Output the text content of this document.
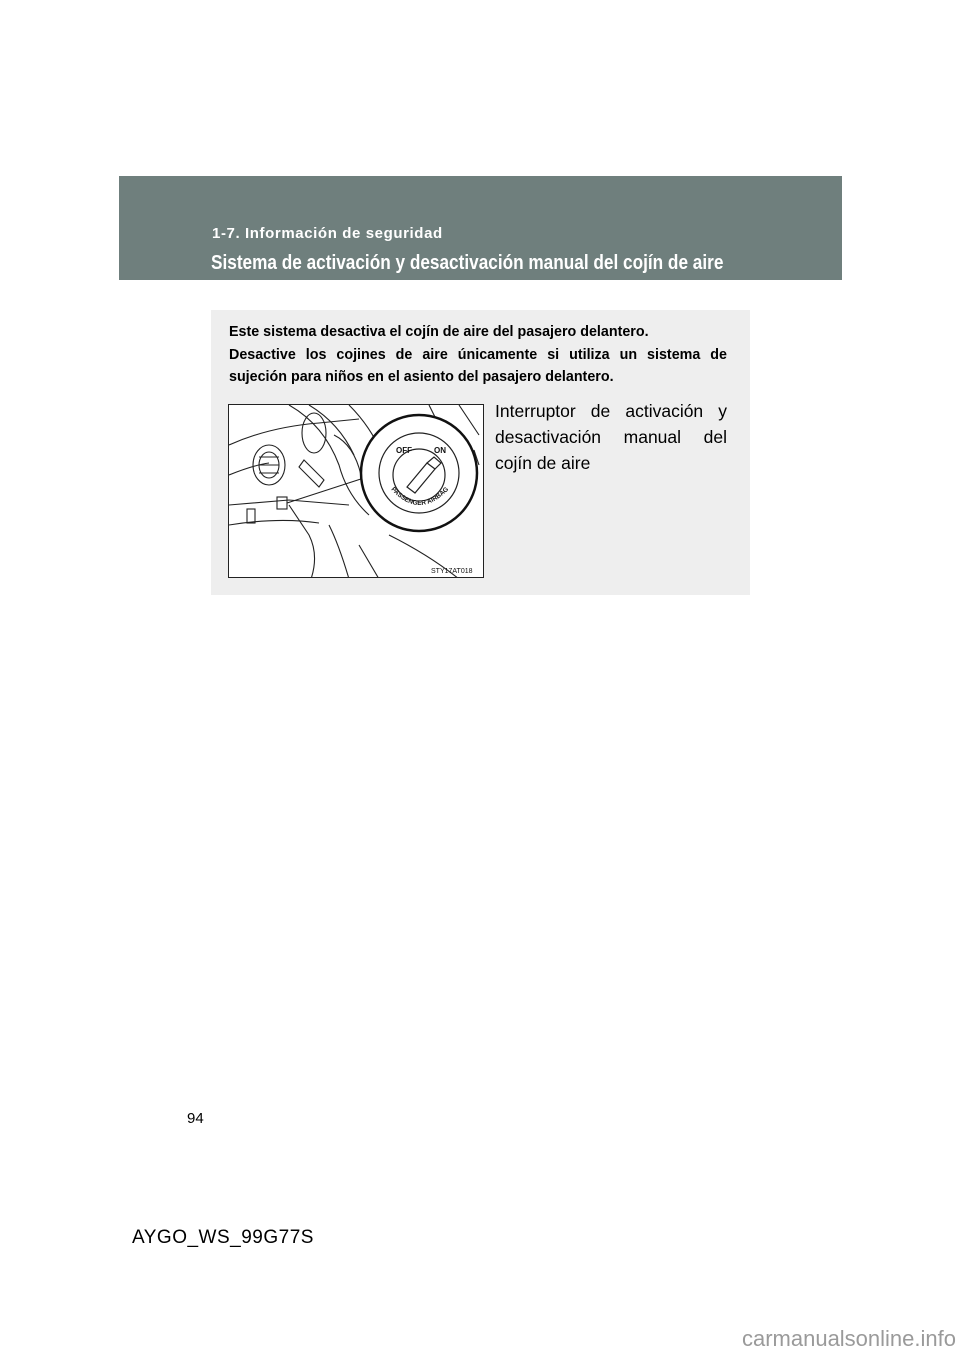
1-7. Información de seguridad
Sistema de activación y desactivación manual del cojín de aire

Este sistema desactiva el cojín de aire del pasajero delantero.

Desactive los cojines de aire únicamente si utiliza un sistema de sujeción para niños en el asiento del pasajero delantero.

OFF	ON
PASSENGER AIRBAG
STY17AT018
Interruptor de activación y desactivación manual del cojín de aire
94
AYGO_WS_99G77S
carmanualsonline.info
